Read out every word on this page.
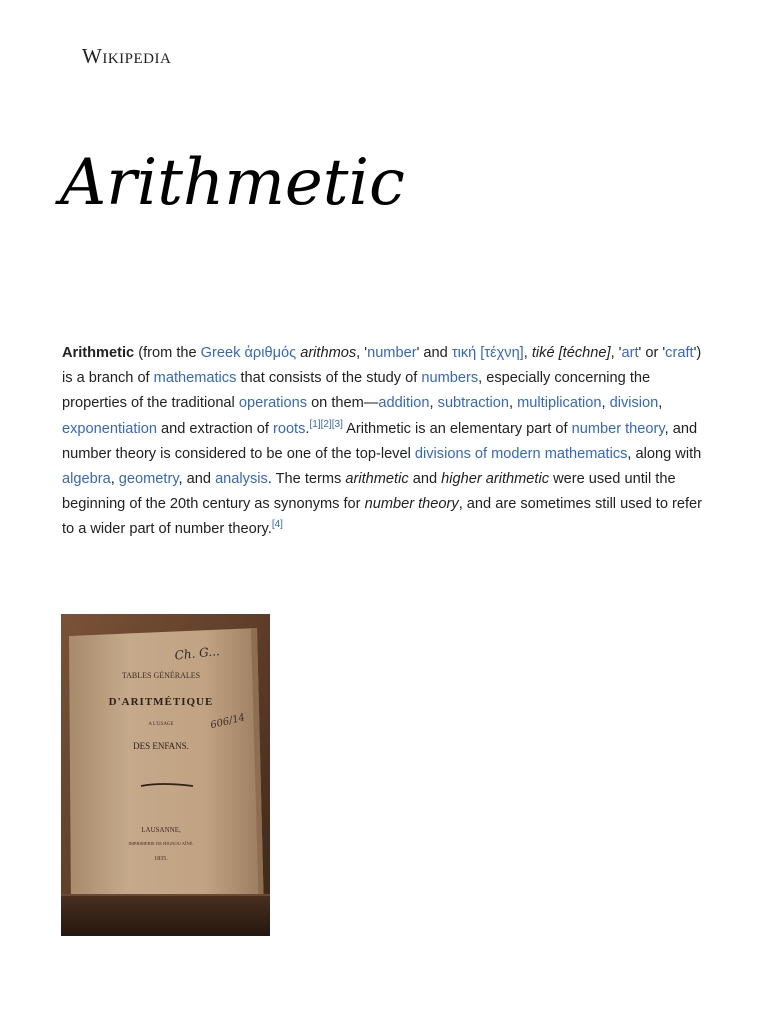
Wikipedia
Arithmetic

Arithmetic (from the Greek ἀριθμός arithmos, 'number' and τική [τέχνη], tiké [téchne], 'art' or 'craft') is a branch of mathematics that consists of the study of numbers, especially concerning the properties of the traditional operations on them—addition, subtraction, multiplication, division, exponentiation and extraction of roots.[1][2][3] Arithmetic is an elementary part of number theory, and number theory is considered to be one of the top-level divisions of modern mathematics, along with algebra, geometry, and analysis. The terms arithmetic and higher arithmetic were used until the beginning of the 20th century as synonyms for number theory, and are sometimes still used to refer to a wider part of number theory.[4]

TABLES GÉNÉRALES
D'ARITMÉTIQUE
A L'USAGE
DES ENFANS.
LAUSANNE,
IMPRIMERIE DE HIGNOU AÎNÉ.
1835.
Ch. G...
606/14
